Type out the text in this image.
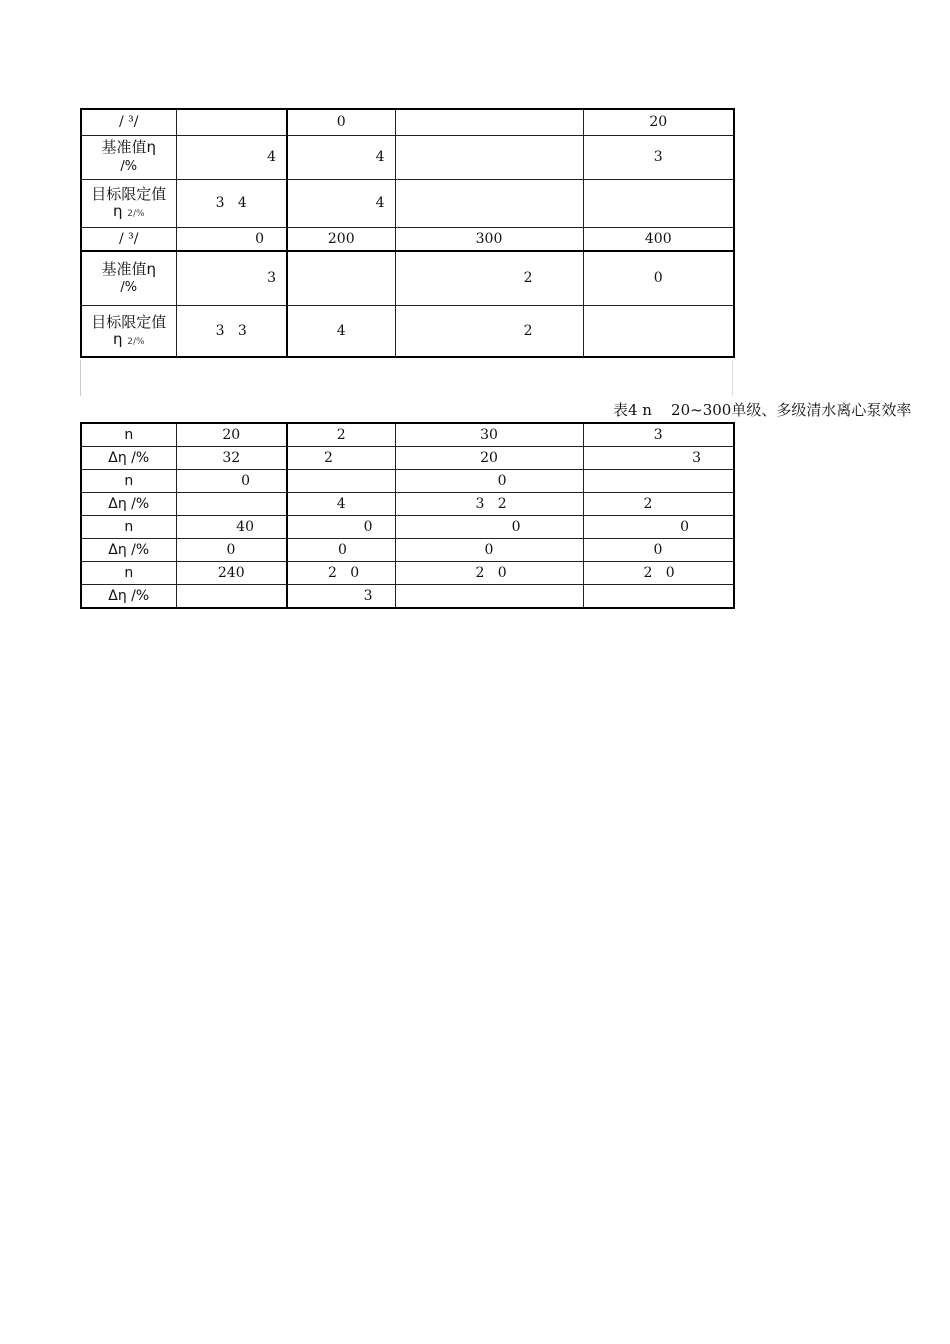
/ ³/		0		20
基准值η
/%	4	4		3
目标限定值
η 2/%	3   4	4		
/ ³/	0	200	300	400
基准值η
/%	3		2	0
目标限定值
η 2/%	3   3	4	2	
表4 n    20~300单级、多级清水离心泵效率
n	20	2	30	3
Δη /%	32	2	20	3
n	0		0	
Δη /%		4	3   2	2
n	40	0	0	0
Δη /%	0	0	0	0
n	240	2   0	2   0	2   0
Δη /%		3		
